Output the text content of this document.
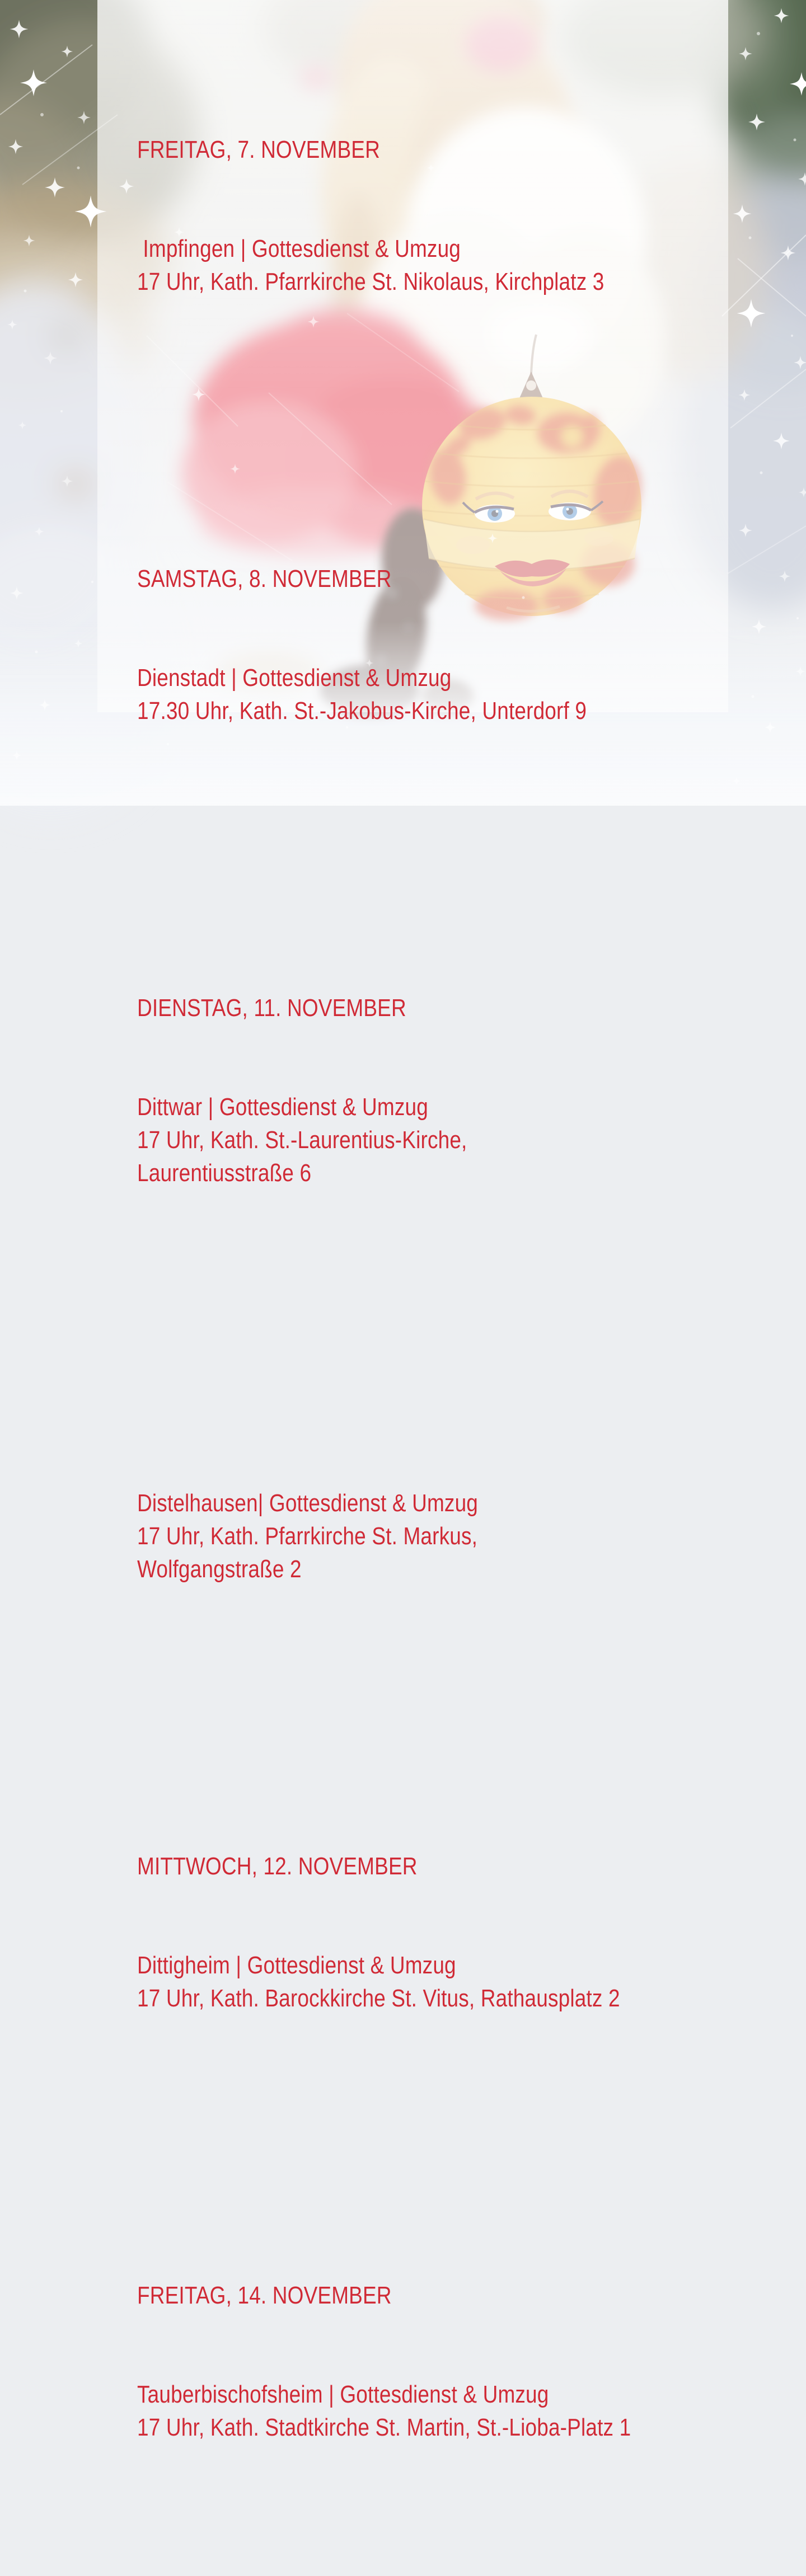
FREITAG, 7. NOVEMBER

Impfingen | Gottesdienst & Umzug
17 Uhr, Kath. Pfarrkirche St. Nikolaus, Kirchplatz 3

SAMSTAG, 8. NOVEMBER

Dienstadt | Gottesdienst & Umzug
17.30 Uhr, Kath. St.-Jakobus-Kirche, Unterdorf 9

DIENSTAG, 11. NOVEMBER

Dittwar | Gottesdienst & Umzug
17 Uhr, Kath. St.-Laurentius-Kirche,
Laurentiusstraße 6

Distelhausen| Gottesdienst & Umzug
17 Uhr, Kath. Pfarrkirche St. Markus,
Wolfgangstraße 2

MITTWOCH, 12. NOVEMBER

Dittigheim | Gottesdienst & Umzug
17 Uhr, Kath. Barockkirche St. Vitus, Rathausplatz 2

FREITAG, 14. NOVEMBER

Tauberbischofsheim | Gottesdienst & Umzug
17 Uhr, Kath. Stadtkirche St. Martin, St.-Lioba-Platz 1
